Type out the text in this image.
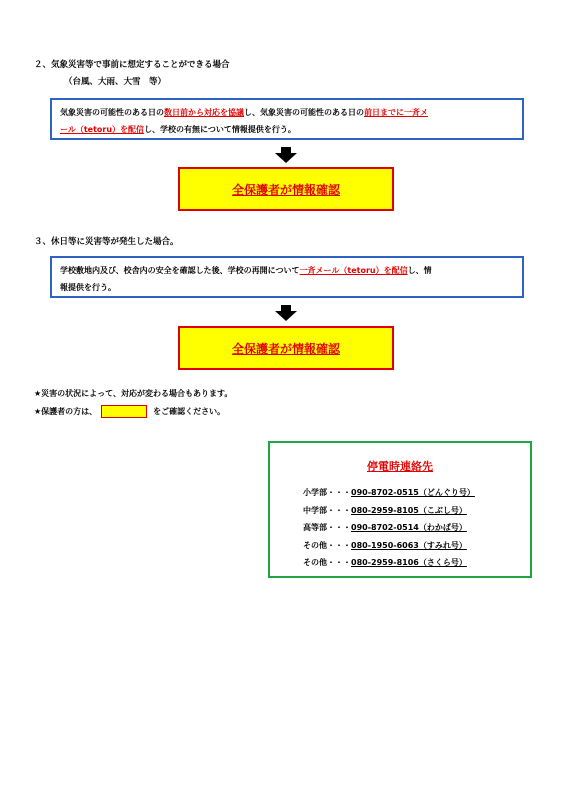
２、気象災害等で事前に想定することができる場合
（台風、大雨、大雪　等）
気象災害の可能性のある日の数日前から対応を協議し、気象災害の可能性のある日の前日までに一斉メ
ール（tetoru）を配信し、学校の有無について情報提供を行う。
全保護者が情報確認
３、休日等に災害等が発生した場合。
学校敷地内及び、校舎内の安全を確認した後、学校の再開について一斉メール（tetoru）を配信し、情
報提供を行う。
全保護者が情報確認
★災害の状況によって、対応が変わる場合もあります。
★保護者の方は、	をご確認ください。
停電時連絡先
小学部・・・090-8702-0515（どんぐり号）
中学部・・・080-2959-8105（こぶし号）
高等部・・・090-8702-0514（わかば号）
その他・・・080-1950-6063（すみれ号）
その他・・・080-2959-8106（さくら号）
